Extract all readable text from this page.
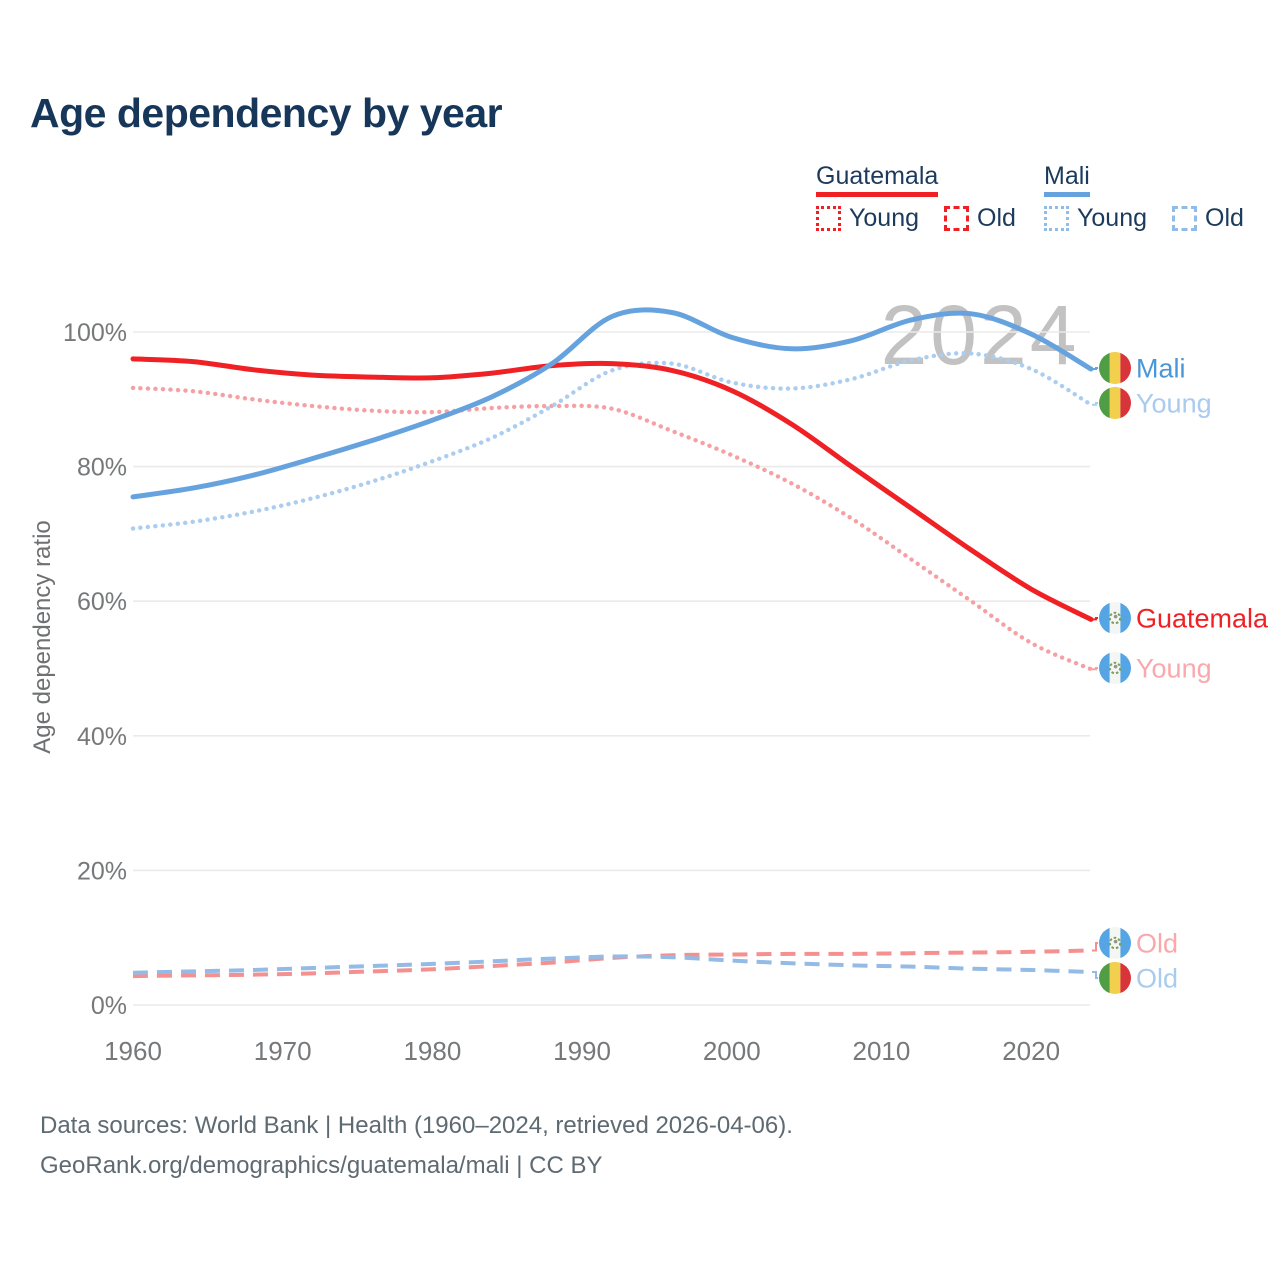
Age dependency by year
Guatemala
Young Old
Mali
Young Old
2024
0%
20%
40%
60%
80%
100%
1960	1970	1980	1990	2000	2010	2020
Age dependency ratio
Old
Old
Young
Young
Guatemala
Mali
Data sources: World Bank | Health (1960–2024, retrieved 2026-04-06).
GeoRank.org/demographics/guatemala/mali | CC BY
